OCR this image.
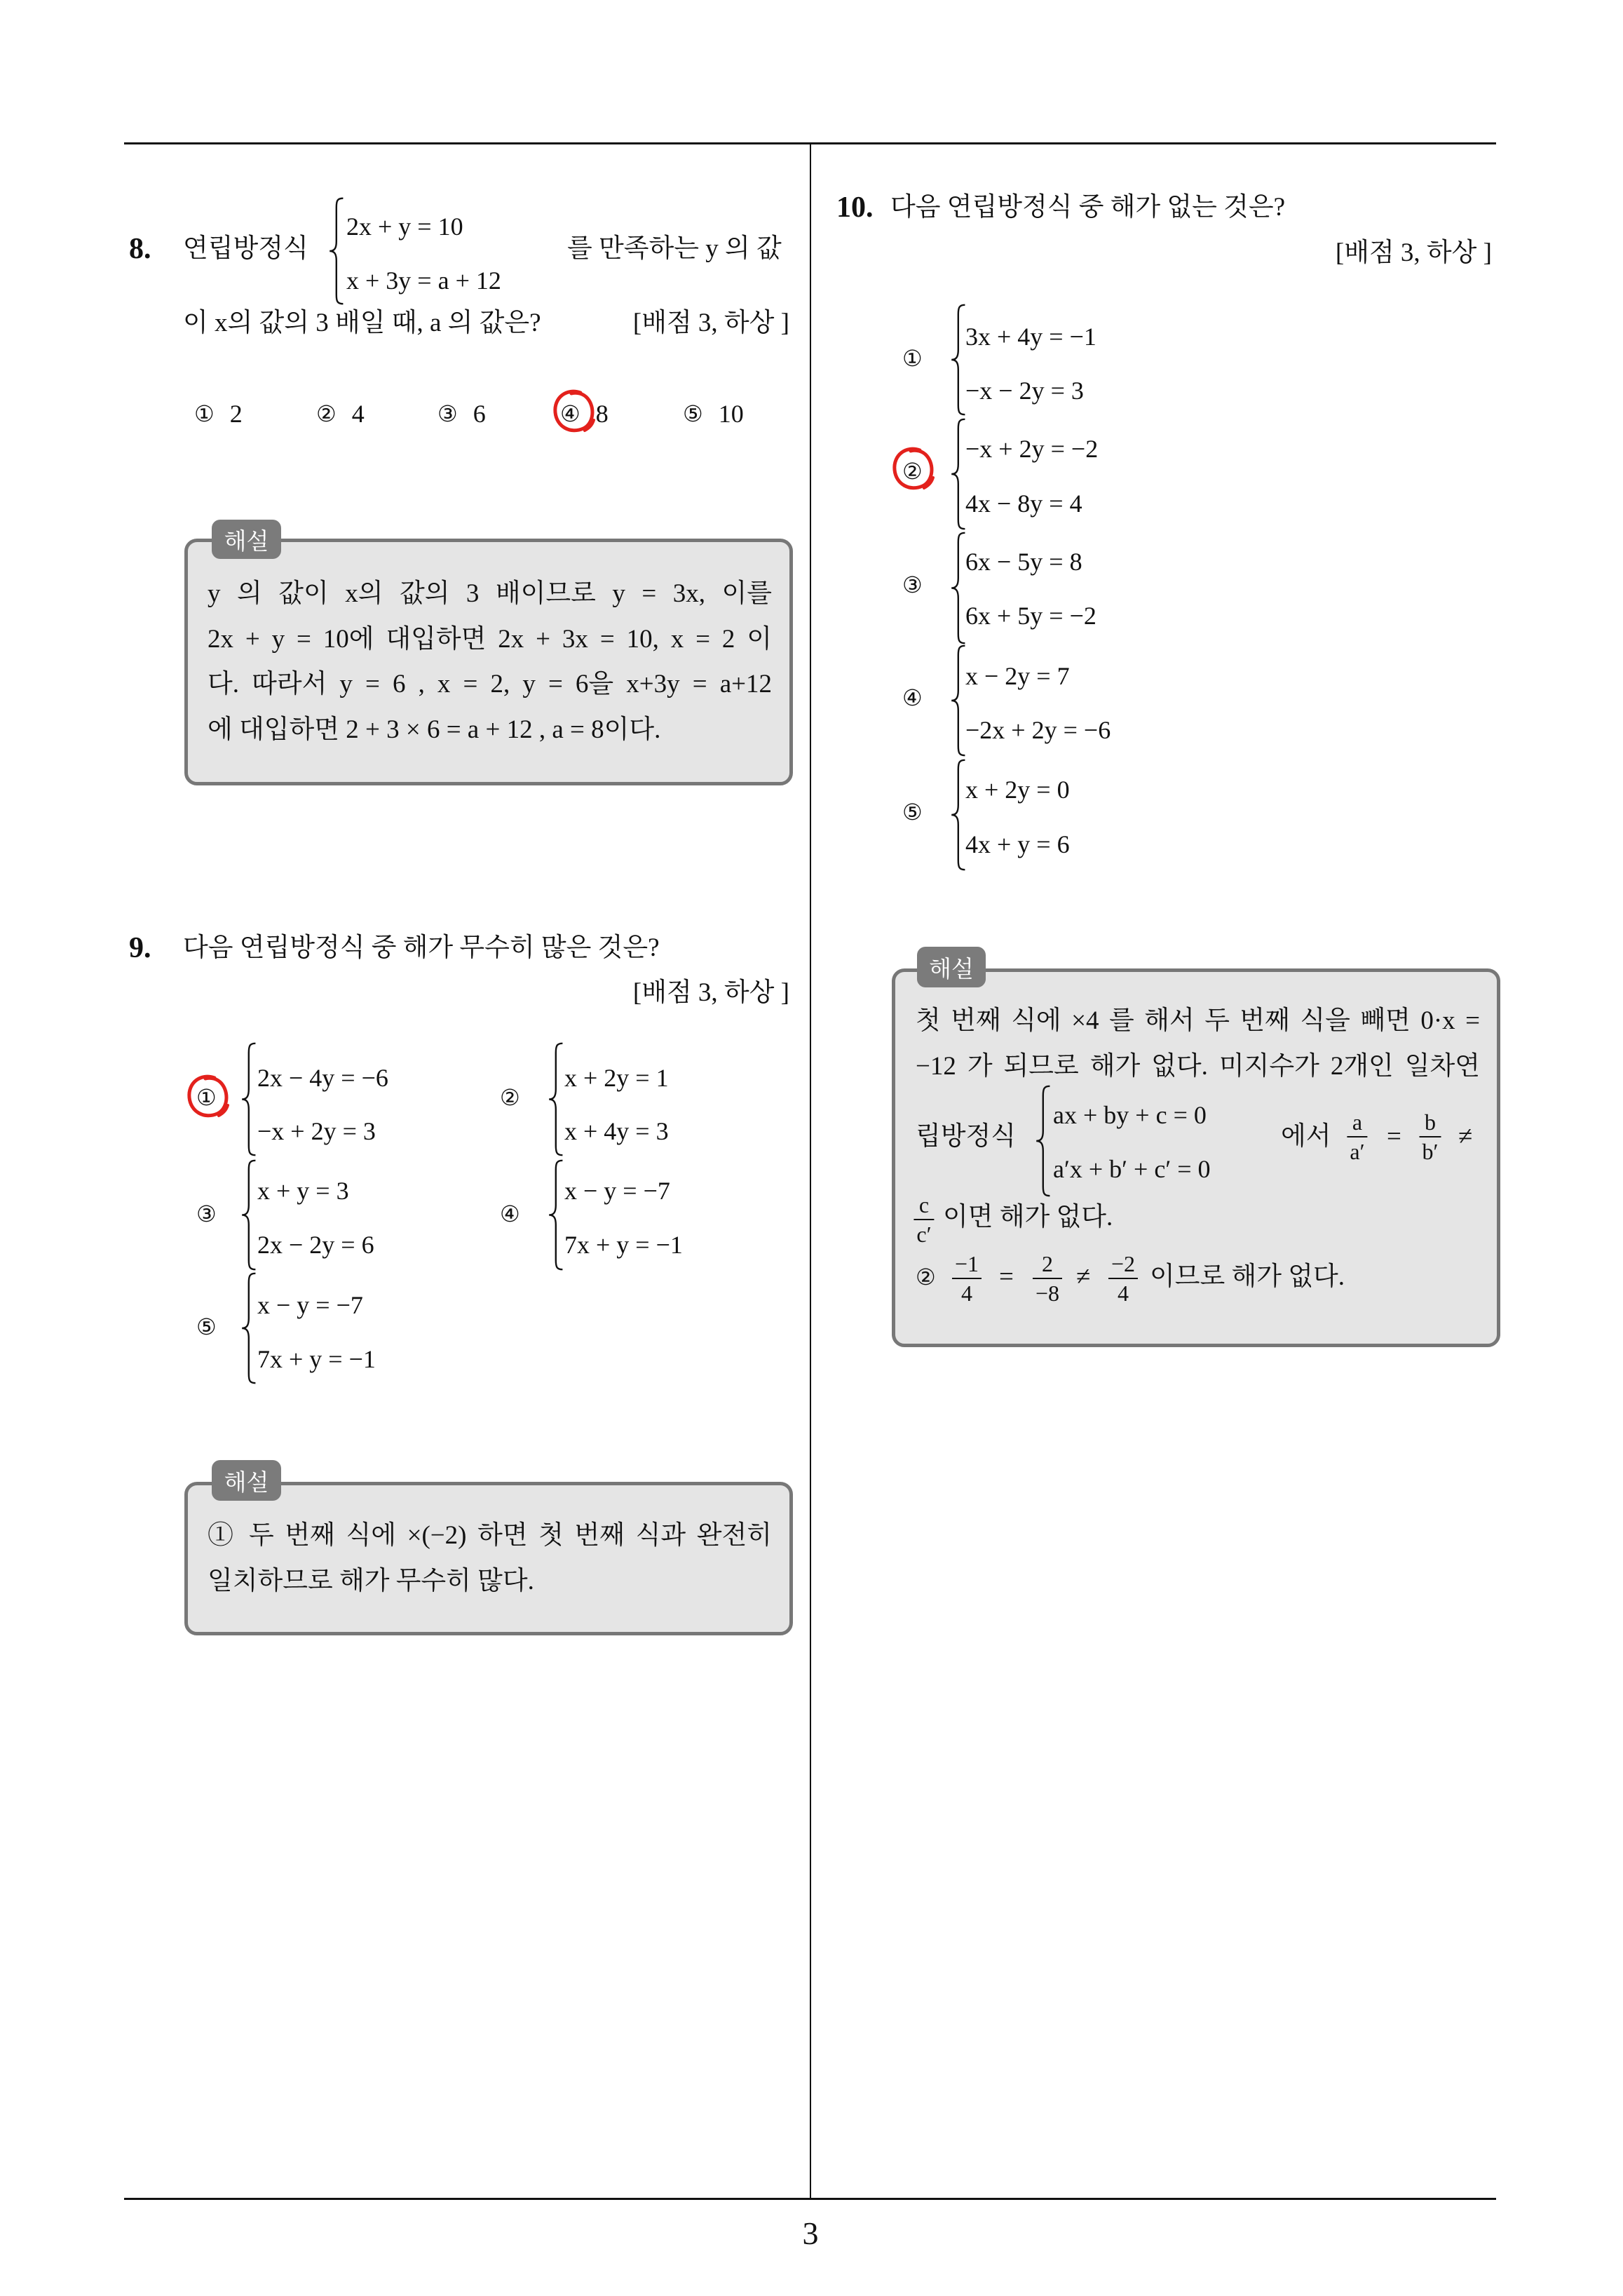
3
8. 연립방정식
2x + y = 10
x + 3y = a + 12
를 만족하는 y 의 값
이 x의 값의 3 배일 때, a 의 값은?	[배점 3, 하상 ]
① 2	② 4	③ 6	④ 8	⑤ 10
해설
y 의 값이 x의 값의 3 배이므로 y = 3x, 이를
2x + y = 10에 대입하면 2x + 3x = 10, x = 2 이
다. 따라서 y = 6 , x = 2, y = 6을 x+3y = a+12
에 대입하면 2 + 3 × 6 = a + 12 , a = 8이다.
9. 다음 연립방정식 중 해가 무수히 많은 것은?
[배점 3, 하상 ]
①
2x − 4y = −6
−x + 2y = 3
②
x + 2y = 1
x + 4y = 3
③
x + y = 3
2x − 2y = 6
④
x − y = −7
7x + y = −1
⑤
x − y = −7
7x + y = −1
해설
① 두 번째 식에 ×(−2) 하면 첫 번째 식과 완전히
일치하므로 해가 무수히 많다.
10. 다음 연립방정식 중 해가 없는 것은?
[배점 3, 하상 ]
①
3x + 4y = −1
−x − 2y = 3
②
−x + 2y = −2
4x − 8y = 4
③
6x − 5y = 8
6x + 5y = −2
④
x − 2y = 7
−2x + 2y = −6
⑤
x + 2y = 0
4x + y = 6
해설
첫 번째 식에 ×4 를 해서 두 번째 식을 빼면 0·x =
−12 가 되므로 해가 없다. 미지수가 2개인 일차연
립방정식
ax + by + c = 0
a′x + b′ + c′ = 0
에서 a
a′
= b
b′
≠
c
c′
이면 해가 없다.
② −1
4
= 2
−8
≠ −2
4
이므로 해가 없다.
